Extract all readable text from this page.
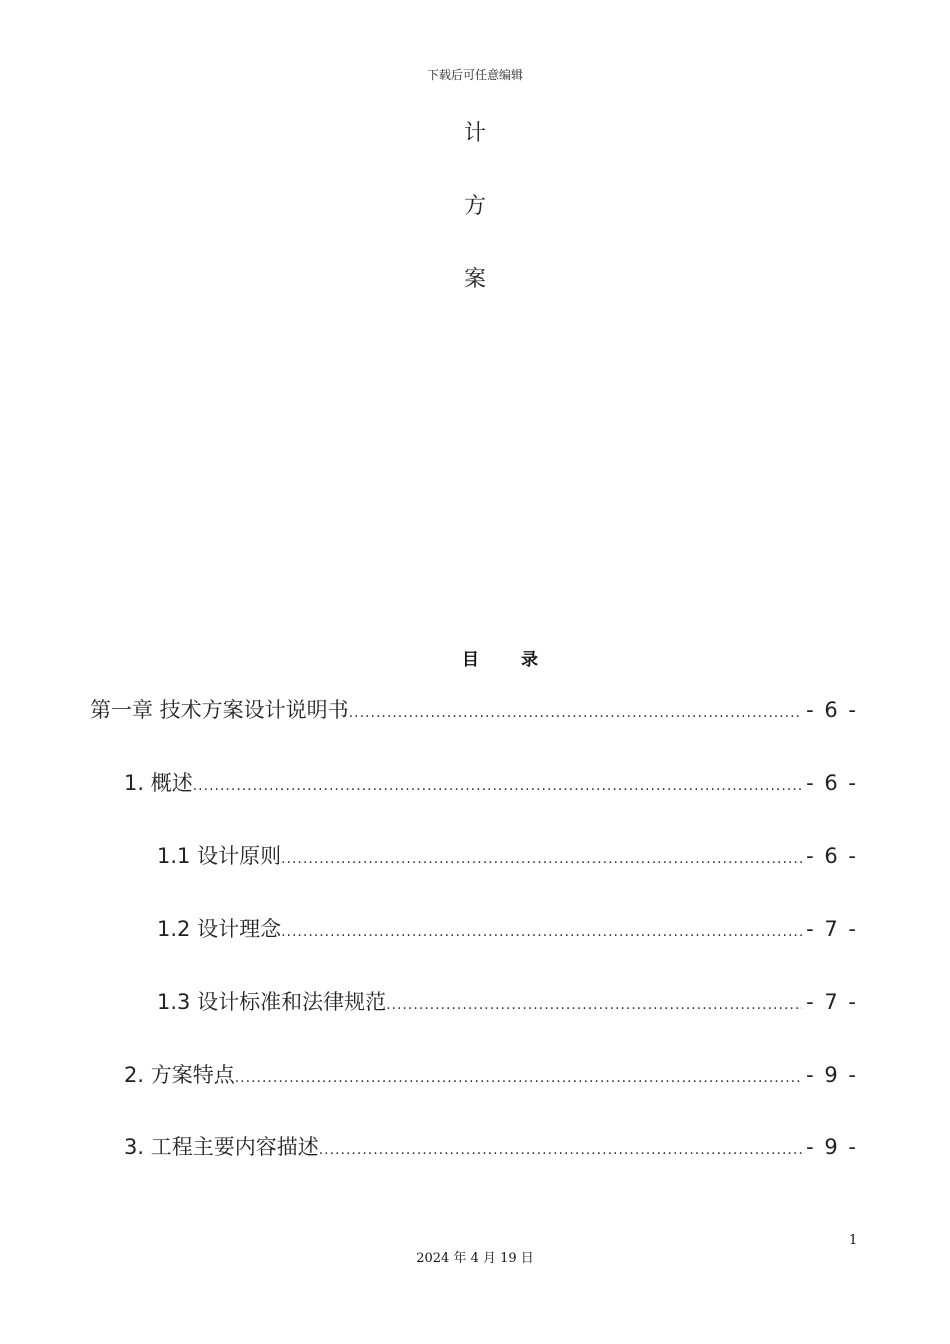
下载后可任意编辑
计
方
案
目 录
第一章 技术方案设计说明书 .....	- 6 -
1. 概述 .....	- 6 -
1.1 设计原则 .....	- 6 -
1.2 设计理念 .....	- 7 -
1.3 设计标准和法律规范 .....	- 7 -
2. 方案特点 .....	- 9 -
3. 工程主要内容描述 .....	- 9 -
1
2024 年 4 月 19 日
